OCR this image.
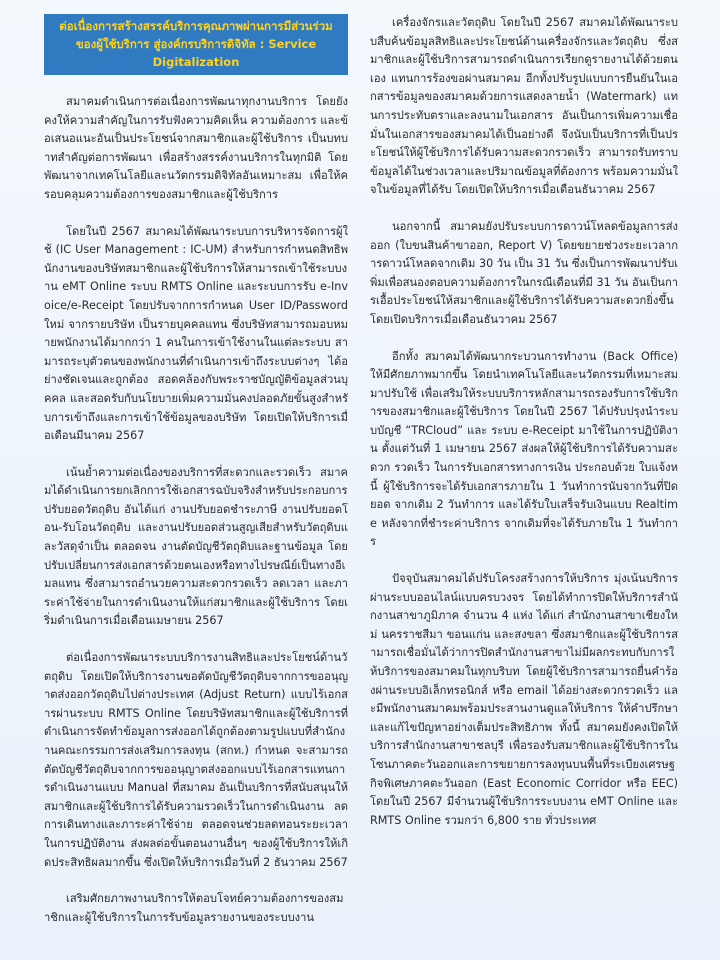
ต่อเนื่องการสร้างสรรค์บริการคุณภาพผ่านการมีส่วนร่วม

ของผู้ใช้บริการ สู่องค์กรบริการดิจิทัล : Service Digitalization

สมาคมดำเนินการต่อเนื่องการพัฒนาทุกงานบริการ โดยยังคงให้ความสำคัญในการรับฟังความคิดเห็น ความต้องการ และข้อเสนอแนะอันเป็นประโยชน์จากสมาชิกและผู้ใช้บริการ เป็นบทบาทสำคัญต่อการพัฒนา เพื่อสร้างสรรค์งานบริการในทุกมิติ โดยพัฒนาจากเทคโนโลยีและนวัตกรรมดิจิทัลอันเหมาะสม เพื่อให้ครอบคลุมความต้องการของสมาชิกและผู้ใช้บริการ

โดยในปี 2567 สมาคมได้พัฒนาระบบการบริหารจัดการผู้ใช้ (IC User Management : IC-UM) สำหรับการกำหนดสิทธิพนักงานของบริษัทสมาชิกและผู้ใช้บริการให้สามารถเข้าใช้ระบบงาน eMT Online ระบบ RMTS Online และระบบการรับ e-Invoice/e-Receipt โดยปรับจากการกำหนด User ID/Password ใหม่ จากรายบริษัท เป็นรายบุคคลแทน ซึ่งบริษัทสามารถมอบหมายพนักงานได้มากกว่า 1 คนในการเข้าใช้งานในแต่ละระบบ สามารถระบุตัวตนของพนักงานที่ดำเนินการเข้าถึงระบบต่างๆ ได้อย่างชัดเจนและถูกต้อง สอดคล้องกับพระราชบัญญัติข้อมูลส่วนบุคคล และสอดรับกับนโยบายเพิ่มความมั่นคงปลอดภัยขั้นสูงสำหรับการเข้าถึงและการเข้าใช้ข้อมูลของบริษัท โดยเปิดให้บริการเมื่อเดือนมีนาคม 2567

เน้นย้ำความต่อเนื่องของบริการที่สะดวกและรวดเร็ว สมาคมได้ดำเนินการยกเลิกการใช้เอกสารฉบับจริงสำหรับประกอบการปรับยอดวัตถุดิบ อันได้แก่ งานปรับยอดชำระภาษี งานปรับยอดโอน-รับโอนวัตถุดิบ และงานปรับยอดส่วนสูญเสียสำหรับวัตถุดิบและวัสดุจำเป็น ตลอดจน งานตัดบัญชีวัตถุดิบและฐานข้อมูล โดยปรับเปลี่ยนการส่งเอกสารด้วยตนเองหรือทางไปรษณีย์เป็นทางอีเมลแทน ซึ่งสามารถอำนวยความสะดวกรวดเร็ว ลดเวลา และภาระค่าใช้จ่ายในการดำเนินงานให้แก่สมาชิกและผู้ใช้บริการ โดยเริ่มดำเนินการเมื่อเดือนเมษายน 2567

ต่อเนื่องการพัฒนาระบบบริการงานสิทธิและประโยชน์ด้านวัตถุดิบ โดยเปิดให้บริการงานขอตัดบัญชีวัตถุดิบจากการขออนุญาตส่งออกวัตถุดิบไปต่างประเทศ (Adjust Return) แบบไร้เอกสารผ่านระบบ RMTS Online โดยบริษัทสมาชิกและผู้ใช้บริการที่ดำเนินการจัดทำข้อมูลการส่งออกได้ถูกต้องตามรูปแบบที่สำนักงานคณะกรรมการส่งเสริมการลงทุน (สกท.) กำหนด จะสามารถตัดบัญชีวัตถุดิบจากการขออนุญาตส่งออกแบบไร้เอกสารแทนการดำเนินงานแบบ Manual ที่สมาคม อันเป็นบริการที่สนับสนุนให้สมาชิกและผู้ใช้บริการได้รับความรวดเร็วในการดำเนินงาน ลดการเดินทางและภาระค่าใช้จ่าย ตลอดจนช่วยลดทอนระยะเวลาในการปฏิบัติงาน ส่งผลต่อขั้นตอนงานอื่นๆ ของผู้ใช้บริการให้เกิดประสิทธิผลมากขึ้น ซึ่งเปิดให้บริการเมื่อวันที่ 2 ธันวาคม 2567

เสริมศักยภาพงานบริการให้ตอบโจทย์ความต้องการของสมาชิกและผู้ใช้บริการในการรับข้อมูลรายงานของระบบงาน

เครื่องจักรและวัตถุดิบ โดยในปี 2567 สมาคมได้พัฒนาระบบสืบค้นข้อมูลสิทธิและประโยชน์ด้านเครื่องจักรและวัตถุดิบ ซึ่งสมาชิกและผู้ใช้บริการสามารถดำเนินการเรียกดูรายงานได้ด้วยตนเอง แทนการร้องขอผ่านสมาคม อีกทั้งปรับรูปแบบการยืนยันในเอกสารข้อมูลของสมาคมด้วยการแสดงลายน้ำ (Watermark) แทนการประทับตราและลงนามในเอกสาร อันเป็นการเพิ่มความเชื่อมั่นในเอกสารของสมาคมได้เป็นอย่างดี จึงนับเป็นบริการที่เป็นประโยชน์ให้ผู้ใช้บริการได้รับความสะดวกรวดเร็ว สามารถรับทราบข้อมูลได้ในช่วงเวลาและปริมาณข้อมูลที่ต้องการ พร้อมความมั่นใจในข้อมูลที่ได้รับ โดยเปิดให้บริการเมื่อเดือนธันวาคม 2567

นอกจากนี้ สมาคมยังปรับระบบการดาวน์โหลดข้อมูลการส่งออก (ใบขนสินค้าขาออก, Report V) โดยขยายช่วงระยะเวลาการดาวน์โหลดจากเดิม 30 วัน เป็น 31 วัน ซึ่งเป็นการพัฒนาปรับเพิ่มเพื่อสนองตอบความต้องการในกรณีเดือนที่มี 31 วัน อันเป็นการเอื้อประโยชน์ให้สมาชิกและผู้ใช้บริการได้รับความสะดวกยิ่งขึ้น โดยเปิดบริการเมื่อเดือนธันวาคม 2567

อีกทั้ง สมาคมได้พัฒนากระบวนการทำงาน (Back Office) ให้มีศักยภาพมากขึ้น โดยนำเทคโนโลยีและนวัตกรรมที่เหมาะสมมาปรับใช้ เพื่อเสริมให้ระบบบริการหลักสามารถรองรับการใช้บริการของสมาชิกและผู้ใช้บริการ โดยในปี 2567 ได้ปรับปรุงนำระบบบัญชี “TRCloud” และ ระบบ e-Receipt มาใช้ในการปฏิบัติงาน ตั้งแต่วันที่ 1 เมษายน 2567 ส่งผลให้ผู้ใช้บริการได้รับความสะดวก รวดเร็ว ในการรับเอกสารทางการเงิน ประกอบด้วย ใบแจ้งหนี้ ผู้ใช้บริการจะได้รับเอกสารภายใน 1 วันทำการนับจากวันที่ปิดยอด จากเดิม 2 วันทำการ และได้รับใบเสร็จรับเงินแบบ Realtime หลังจากที่ชำระค่าบริการ จากเดิมที่จะได้รับภายใน 1 วันทำการ

ปัจจุบันสมาคมได้ปรับโครงสร้างการให้บริการ มุ่งเน้นบริการผ่านระบบออนไลน์แบบครบวงจร โดยได้ทำการปิดให้บริการสำนักงานสาขาภูมิภาค จำนวน 4 แห่ง ได้แก่ สำนักงานสาขาเชียงใหม่ นครราชสีมา ขอนแก่น และสงขลา ซึ่งสมาชิกและผู้ใช้บริการสามารถเชื่อมั่นได้ว่าการปิดสำนักงานสาขาไม่มีผลกระทบกับการให้บริการของสมาคมในทุกบริบท โดยผู้ใช้บริการสามารถยื่นคำร้องผ่านระบบอิเล็กทรอนิกส์ หรือ email ได้อย่างสะดวกรวดเร็ว และมีพนักงานสมาคมพร้อมประสานงานดูแลให้บริการ ให้คำปรึกษาและแก้ไขปัญหาอย่างเต็มประสิทธิภาพ ทั้งนี้ สมาคมยังคงเปิดให้บริการสำนักงานสาขาชลบุรี เพื่อรองรับสมาชิกและผู้ใช้บริการในโซนภาคตะวันออกและการขยายการลงทุนบนพื้นที่ระเบียงเศรษฐกิจพิเศษภาคตะวันออก (East Economic Corridor หรือ EEC) โดยในปี 2567 มีจำนวนผู้ใช้บริการระบบงาน eMT Online และ RMTS Online รวมกว่า 6,800 ราย ทั่วประเทศ
